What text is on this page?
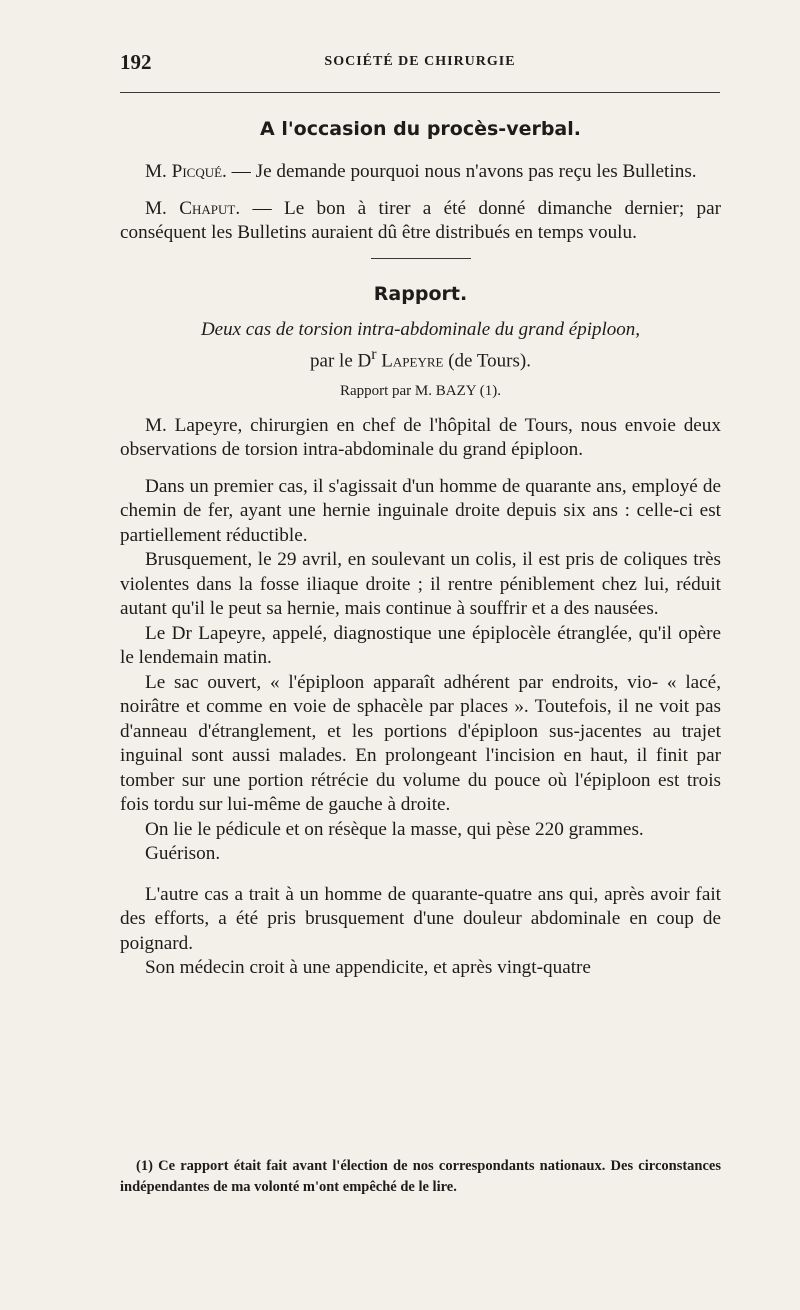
192	SOCIÉTÉ DE CHIRURGIE
A l'occasion du procès-verbal.

M. Picqué. — Je demande pourquoi nous n'avons pas reçu les Bulletins.

M. Chaput. — Le bon à tirer a été donné dimanche dernier; par conséquent les Bulletins auraient dû être distribués en temps voulu.

Rapport.
Deux cas de torsion intra-abdominale du grand épiploon,
par le $D^r$ Lapeyre (de Tours).
Rapport par M. BAZY (1).

M. Lapeyre, chirurgien en chef de l'hôpital de Tours, nous envoie deux observations de torsion intra-abdominale du grand épiploon.

Dans un premier cas, il s'agissait d'un homme de quarante ans, employé de chemin de fer, ayant une hernie inguinale droite depuis six ans : celle-ci est partiellement réductible.

Brusquement, le 29 avril, en soulevant un colis, il est pris de coliques très violentes dans la fosse iliaque droite ; il rentre péniblement chez lui, réduit autant qu'il le peut sa hernie, mais continue à souffrir et a des nausées.

Le Dr Lapeyre, appelé, diagnostique une épiplocèle étranglée, qu'il opère le lendemain matin.

Le sac ouvert, « l'épiploon apparaît adhérent par endroits, vio- « lacé, noirâtre et comme en voie de sphacèle par places ». Toutefois, il ne voit pas d'anneau d'étranglement, et les portions d'épiploon sus-jacentes au trajet inguinal sont aussi malades. En prolongeant l'incision en haut, il finit par tomber sur une portion rétrécie du volume du pouce où l'épiploon est trois fois tordu sur lui-même de gauche à droite.

On lie le pédicule et on résèque la masse, qui pèse 220 grammes.

Guérison.

L'autre cas a trait à un homme de quarante-quatre ans qui, après avoir fait des efforts, a été pris brusquement d'une douleur abdominale en coup de poignard.

Son médecin croit à une appendicite, et après vingt-quatre

(1) Ce rapport était fait avant l'élection de nos correspondants nationaux. Des circonstances indépendantes de ma volonté m'ont empêché de le lire.
